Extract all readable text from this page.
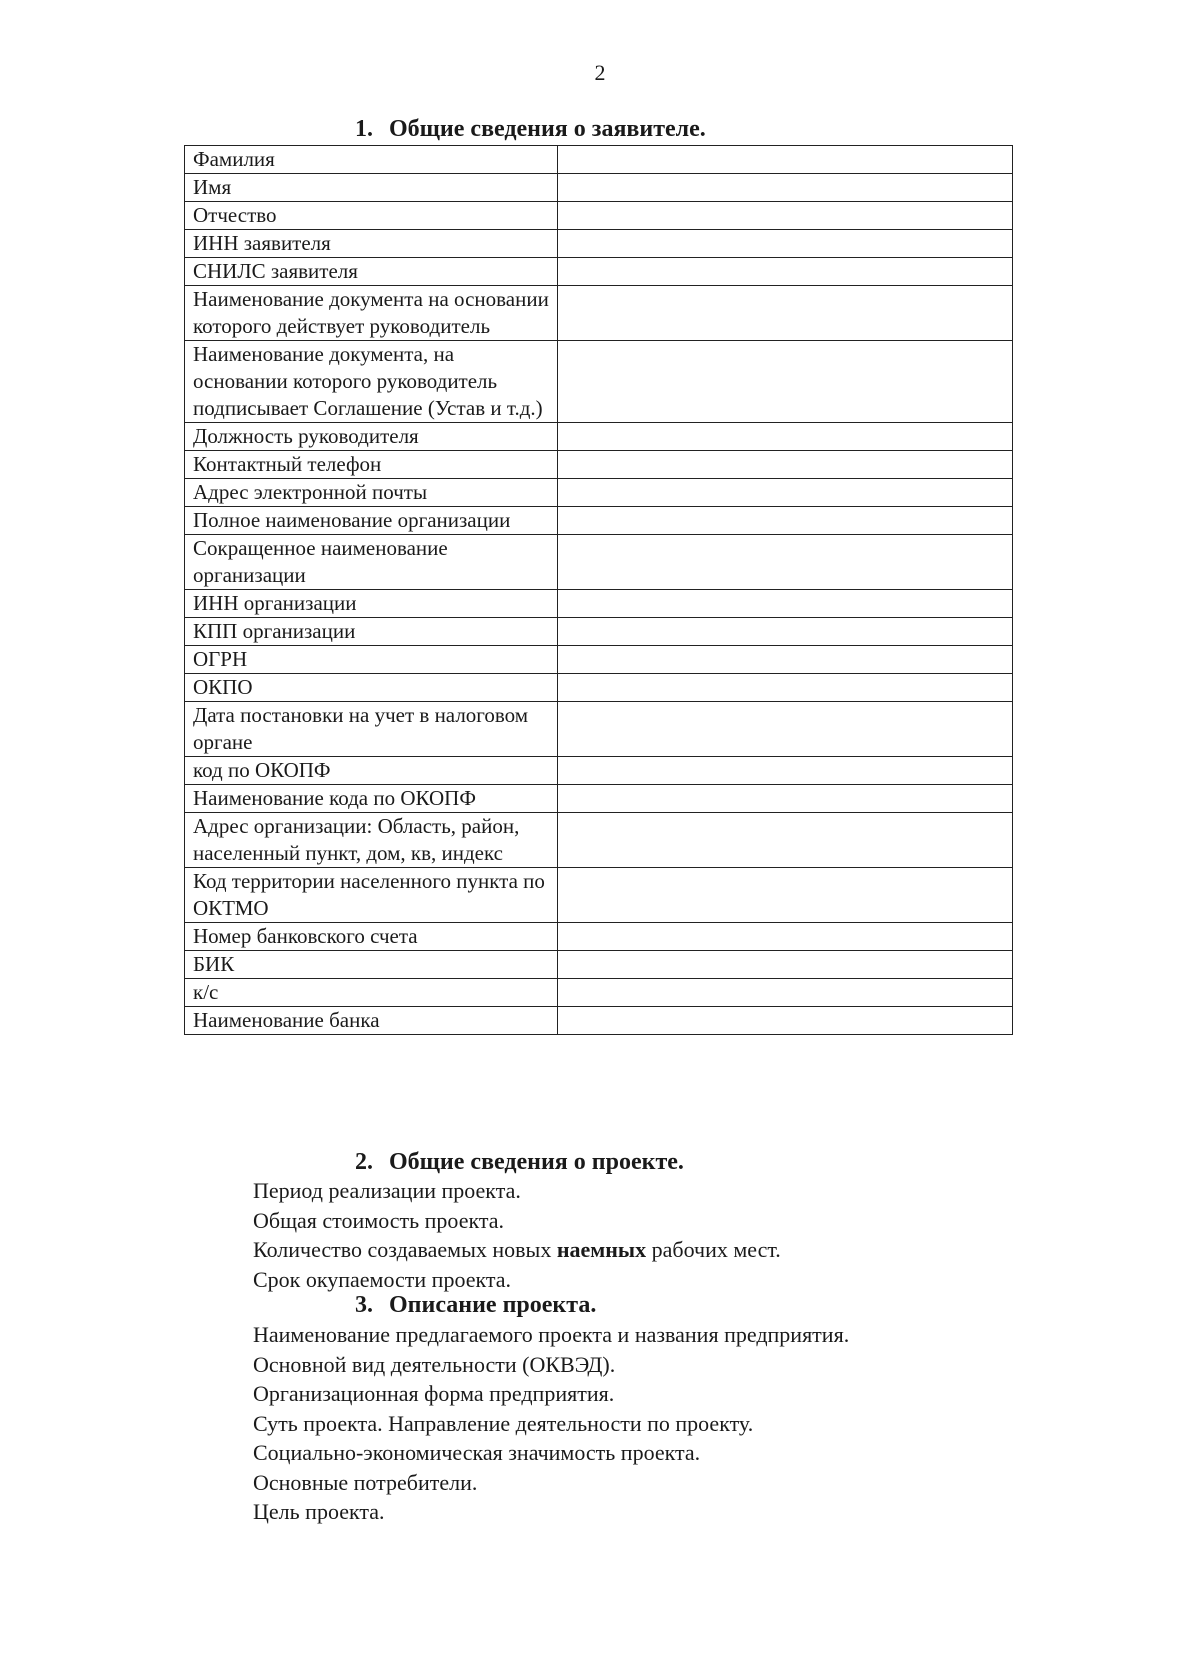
2
1. Общие сведения о заявителе.
Фамилия	
Имя	
Отчество	
ИНН заявителя	
СНИЛС заявителя	
Наименование документа на основании которого действует руководитель	
Наименование документа, на основании которого руководитель подписывает Соглашение (Устав и т.д.)	
Должность руководителя	
Контактный телефон	
Адрес электронной почты	
Полное наименование организации	
Сокращенное наименование организации	
ИНН организации	
КПП организации	
ОГРН	
ОКПО	
Дата постановки на учет в налоговом органе	
код по ОКОПФ	
Наименование кода по ОКОПФ	
Адрес организации: Область, район, населенный пункт, дом, кв, индекс	
Код территории населенного пункта по ОКТМО	
Номер банковского счета	
БИК	
к/с	
Наименование банка	
2. Общие сведения о проекте.
Период реализации проекта.
Общая стоимость проекта.
Количество создаваемых новых наемных рабочих мест.
Срок окупаемости проекта.
3. Описание проекта.
Наименование предлагаемого проекта и названия предприятия.
Основной вид деятельности (ОКВЭД).
Организационная форма предприятия.
Суть проекта. Направление деятельности по проекту.
Социально-экономическая значимость проекта.
Основные потребители.
Цель проекта.
